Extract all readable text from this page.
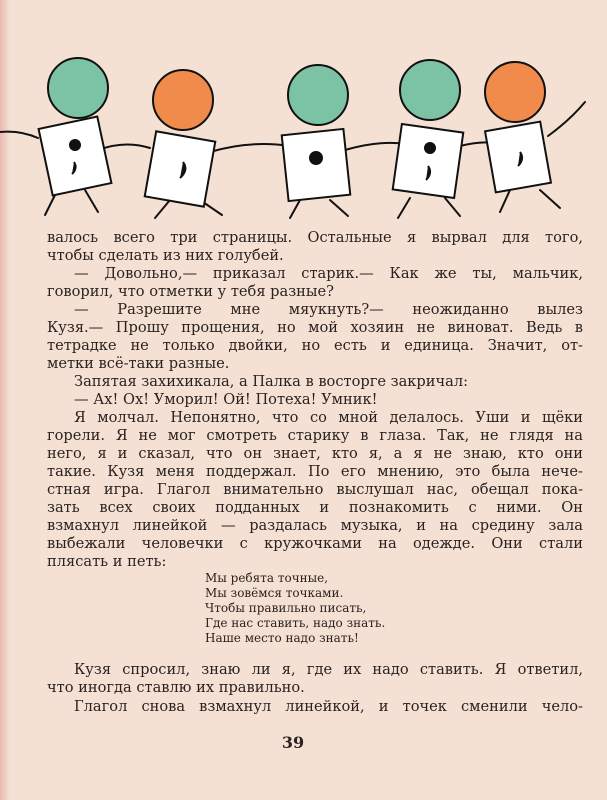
валось всего три страницы. Остальные я вырвал для того,
чтобы сделать из них голубей.
— Довольно,— приказал старик.— Как же ты, мальчик,
говорил, что отметки у тебя разные?
— Разрешите мне мяукнуть?— неожиданно вылез
Кузя.— Прошу прощения, но мой хозяин не виноват. Ведь в
тетрадке не только двойки, но есть и единица. Значит, от-
метки всё-таки разные.
Запятая захихикала, а Палка в восторге закричал:
— Ах! Ох! Уморил! Ой! Потеха! Умник!
Я молчал. Непонятно, что со мной делалось. Уши и щёки
горели. Я не мог смотреть старику в глаза. Так, не глядя на
него, я и сказал, что он знает, кто я, а я не знаю, кто они
такие. Кузя меня поддержал. По его мнению, это была нече-
стная игра. Глагол внимательно выслушал нас, обещал пока-
зать всех своих подданных и познакомить с ними. Он
взмахнул линейкой — раздалась музыка, и на средину зала
выбежали человечки с кружочками на одежде. Они стали
плясать и петь:
Мы ребята точные,
Мы зовёмся точками.
Чтобы правильно писать,
Где нас ставить, надо знать.
Наше место надо знать!
Кузя спросил, знаю ли я, где их надо ставить. Я ответил,
что иногда ставлю их правильно.
Глагол снова взмахнул линейкой, и точек сменили чело-
39
